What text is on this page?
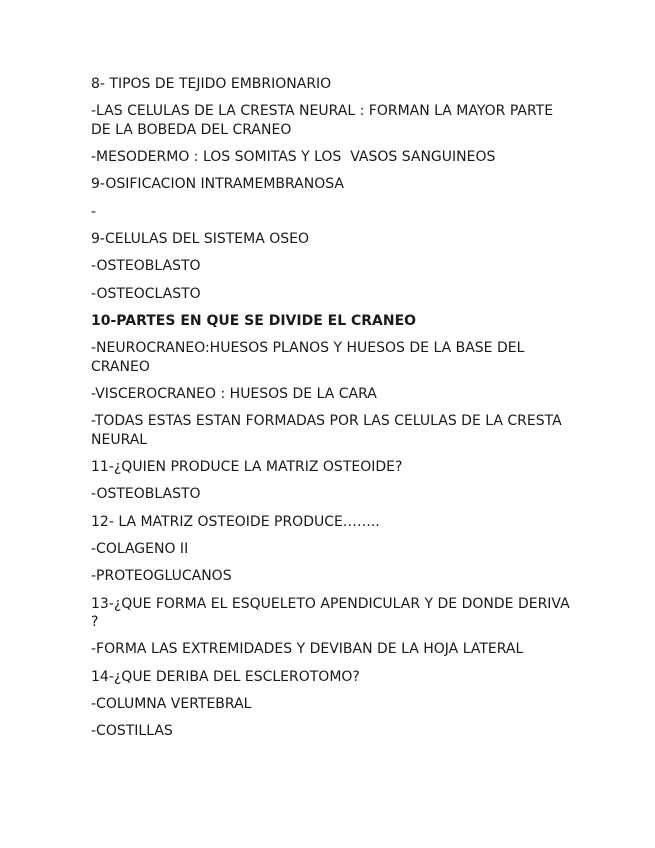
8- TIPOS DE TEJIDO EMBRIONARIO

-LAS CELULAS DE LA CRESTA NEURAL : FORMAN LA MAYOR PARTE DE LA BOBEDA DEL CRANEO

-MESODERMO : LOS SOMITAS Y LOS  VASOS SANGUINEOS

9-OSIFICACION INTRAMEMBRANOSA

-

9-CELULAS DEL SISTEMA OSEO

-OSTEOBLASTO

-OSTEOCLASTO

10-PARTES EN QUE SE DIVIDE EL CRANEO

-NEUROCRANEO:HUESOS PLANOS Y HUESOS DE LA BASE DEL CRANEO

-VISCEROCRANEO : HUESOS DE LA CARA

-TODAS ESTAS ESTAN FORMADAS POR LAS CELULAS DE LA CRESTA NEURAL

11-¿QUIEN PRODUCE LA MATRIZ OSTEOIDE?

-OSTEOBLASTO

12- LA MATRIZ OSTEOIDE PRODUCE……..

-COLAGENO II

-PROTEOGLUCANOS

13-¿QUE FORMA EL ESQUELETO APENDICULAR Y DE DONDE DERIVA ?

-FORMA LAS EXTREMIDADES Y DEVIBAN DE LA HOJA LATERAL

14-¿QUE DERIBA DEL ESCLEROTOMO?

-COLUMNA VERTEBRAL

-COSTILLAS
